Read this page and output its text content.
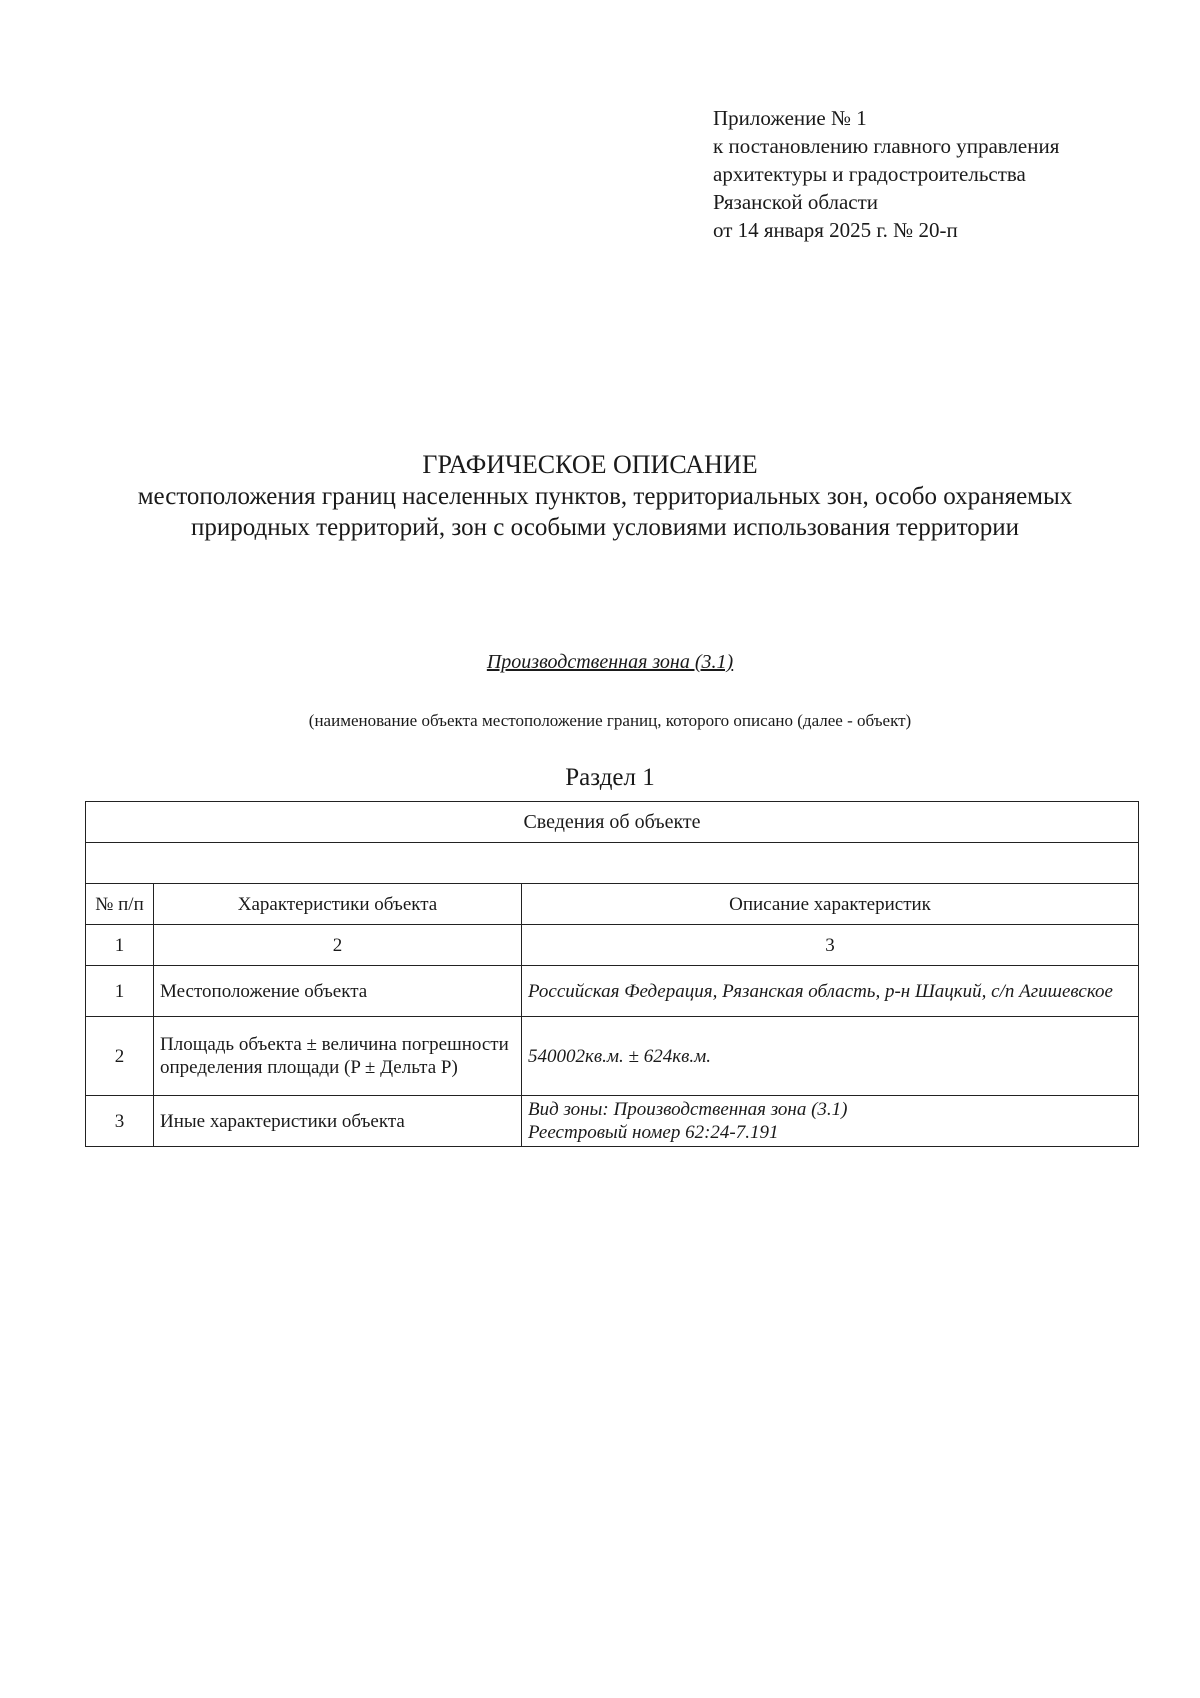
Приложение № 1
к постановлению главного управления
архитектуры и градостроительства
Рязанской области
от 14 января 2025 г. № 20-п
ГРАФИЧЕСКОЕ ОПИСАНИЕ
местоположения границ населенных пунктов, территориальных зон, особо охраняемых природных территорий, зон с особыми условиями использования территории
Производственная зона (3.1)
(наименование объекта местоположение границ, которого описано (далее - объект)
Раздел 1
Сведения об объекте		

№ п/п	Характеристики объекта	Описание характеристик
1	2	3
1	Местоположение объекта	Российская Федерация, Рязанская область, р-н Шацкий, с/п Агишевское

2	Площадь объекта ± величина погрешности определения площади (P ± Дельта P)	540002кв.м. ± 624кв.м.

3	Иные характеристики объекта	Вид зоны: Производственная зона (3.1)
Реестровый номер 62:24-7.191
